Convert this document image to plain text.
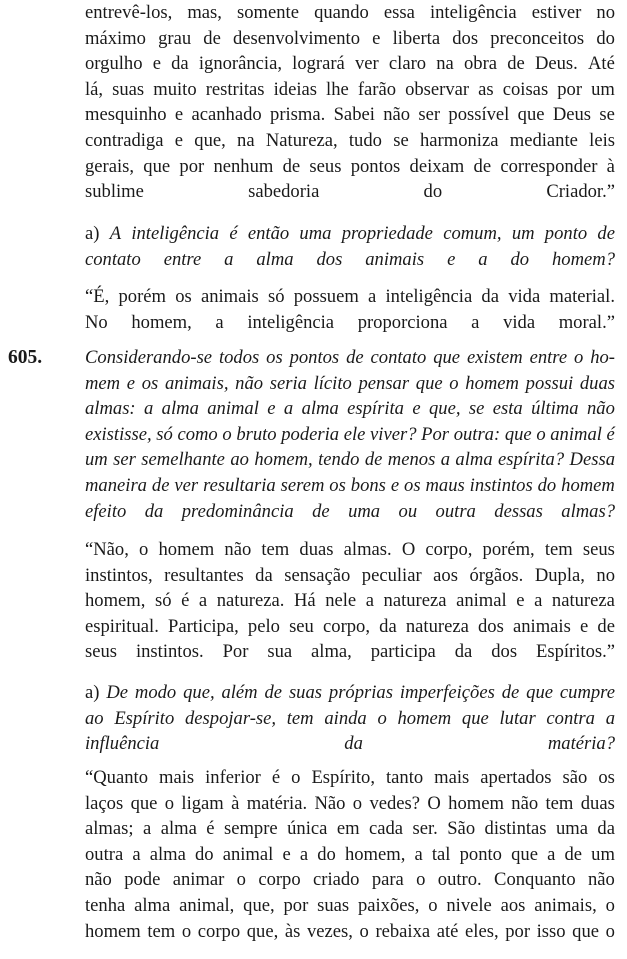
entrevê-los, mas, somente quando essa inteligência estiver no
máximo grau de desenvolvimento e liberta dos preconceitos do
orgulho e da ignorância, logrará ver claro na obra de Deus. Até
lá, suas muito restritas ideias lhe farão observar as coisas por um
mesquinho e acanhado prisma. Sabei não ser possível que Deus se
contradiga e que, na Natureza, tudo se harmoniza mediante leis
gerais, que por nenhum de seus pontos deixam de corresponder à
sublime sabedoria do Criador.”
a) A inteligência é então uma propriedade comum, um ponto de
contato entre a alma dos animais e a do homem?
“É, porém os animais só possuem a inteligência da vida material.
No homem, a inteligência proporciona a vida moral.”
605. Considerando-se todos os pontos de contato que existem entre o ho-
mem e os animais, não seria lícito pensar que o homem possui duas
almas: a alma animal e a alma espírita e que, se esta última não
existisse, só como o bruto poderia ele viver? Por outra: que o animal é
um ser semelhante ao homem, tendo de menos a alma espírita? Dessa
maneira de ver resultaria serem os bons e os maus instintos do homem
efeito da predominância de uma ou outra dessas almas?
“Não, o homem não tem duas almas. O corpo, porém, tem seus
instintos, resultantes da sensação peculiar aos órgãos. Dupla, no
homem, só é a natureza. Há nele a natureza animal e a natureza
espiritual. Participa, pelo seu corpo, da natureza dos animais e de
seus instintos. Por sua alma, participa da dos Espíritos.”
a) De modo que, além de suas próprias imperfeições de que cumpre
ao Espírito despojar-se, tem ainda o homem que lutar contra a
influência da matéria?
“Quanto mais inferior é o Espírito, tanto mais apertados são os
laços que o ligam à matéria. Não o vedes? O homem não tem duas
almas; a alma é sempre única em cada ser. São distintas uma da
outra a alma do animal e a do homem, a tal ponto que a de um
não pode animar o corpo criado para o outro. Conquanto não
tenha alma animal, que, por suas paixões, o nivele aos animais, o
homem tem o corpo que, às vezes, o rebaixa até eles, por isso que o
